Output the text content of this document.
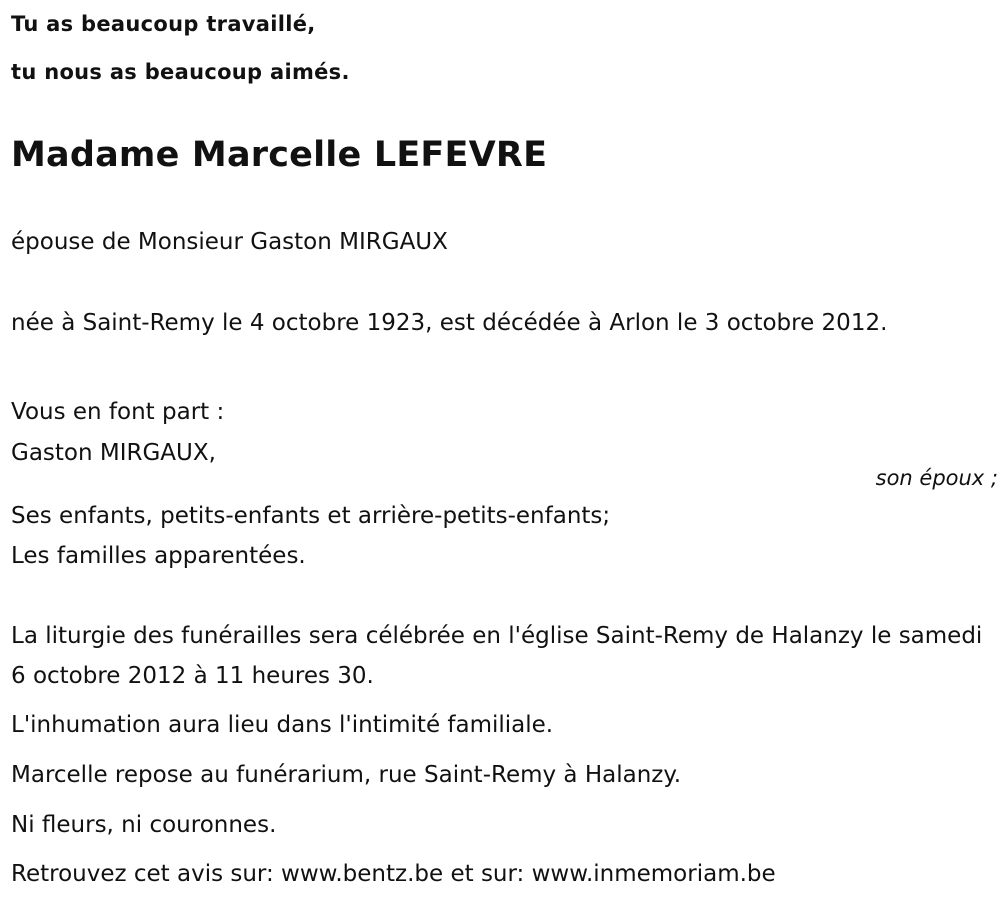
Tu as beaucoup travaillé,

tu nous as beaucoup aimés.

Madame Marcelle LEFEVRE

épouse de Monsieur Gaston MIRGAUX

née à Saint-Remy le 4 octobre 1923, est décédée à Arlon le 3 octobre 2012.

Vous en font part :

Gaston MIRGAUX,

Ses enfants, petits-enfants et arrière-petits-enfants;

Les familles apparentées.

La liturgie des funérailles sera célébrée en l'église Saint-Remy de Halanzy le samedi 6 octobre 2012 à 11 heures 30.

L'inhumation aura lieu dans l'intimité familiale.

Marcelle repose au funérarium, rue Saint-Remy à Halanzy.

Ni fleurs, ni couronnes.

Retrouvez cet avis sur: www.bentz.be et sur: www.inmemoriam.be

son époux ;
